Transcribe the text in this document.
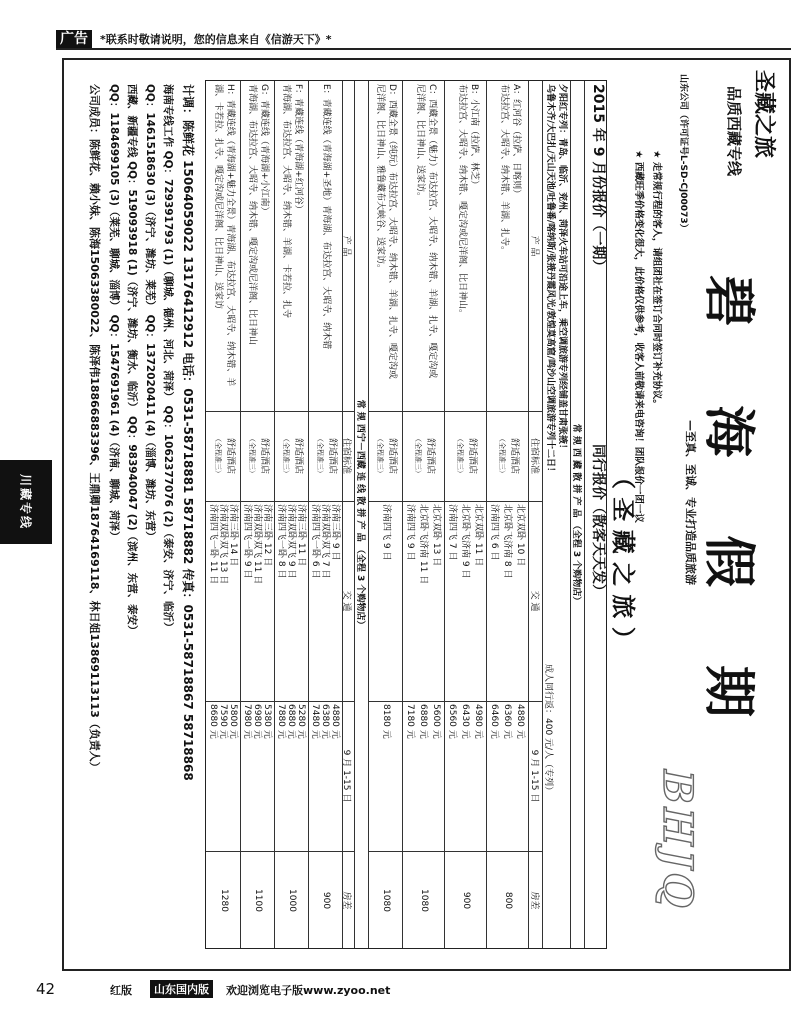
广告	*联系时敬请说明，您的信息来自《信游天下》*
川藏专线
42	红版	山东国内版	欢迎浏览电子版www.zyoo.net
圣藏之旅
品质西藏专线
山东公司（许可证号L-SD-CJ00073）
碧 海 假 期
—至真、至诚、专业打造品质旅游
（ 圣 藏 之 旅 ）
★ 走常规行程的客人，请组团社在签订合同时签订补充协议。
★ 西藏旺季价格变化很大，此价格仅供参考，收客人前敬请来电咨询！团队报价一团一议
BHJQ
2015 年 9 月份报价（一期）
同行报价（散客天天发）
常 规 西 藏 散 拼 产 品 （全程 3 个购物店）
夕阳红专列：青岛、临沂、兖州、菏泽火车站可沿途上车，乘空调旅游专列经铺盖甘肃张掖！
乌鲁木齐/大巴扎/天山天池/吐鲁番/喀纳斯/张掖丹霞风光/敦煌莫高窟/鸣沙山空调旅游专列十二日！
成人同行返：400 元/人（专列）
产 品
住宿标准
交 通
9 月 1-15 日
房差
A：红河谷（拉萨、日喀则）
布达拉宫、大昭寺、纳木错、羊湖、扎寺。
舒适酒店
（全程准三）
北京双卧 10 日
北京卧飞济南 8 日
济南四飞 6 日
4880 元
6360 元
6460 元
800
B：小江南（拉萨、林芝）
布达拉宫、大昭寺、纳木错、嘎定沟或尼洋阁、比日神山。
舒适酒店
（全程准三）
北京双卧 11 日
北京卧飞济南 9 日
济南四飞 7 日
4980 元
6430 元
6560 元
900
C：西藏全景（魅力）布达拉宫、大昭寺、纳木错、羊湖、扎寺、嘎定沟或
尼洋阁、比日神山、送家访。
舒适酒店
（全程准三）
北京双卧 13 日
北京卧飞济南 11 日
济南四飞 9 日
5600 元
6880 元
7180 元
1080
D：西藏全景（纯玩）布达拉宫、大昭寺、纳木错、羊湖、扎寺、嘎定沟或
尼洋阁、比日神山、雅鲁藏布大峡谷、送家访。
舒适酒店
（全程准三）
济南四飞 9 日
8180 元
1080
常 规 西宁－西藏 连 线 散 拼 产 品 （全程 3 个购物店）
产 品
住宿标准
交 通
9 月 1-15 日
房差
E：青藏连线（青海湖+圣地）青海湖、布达拉宫、大昭寺、纳木错
舒适酒店
（全程准三）
济南三卧 9 日
济南双卧双飞 7 日
济南四飞一卧 6 日
4880 元
6380 元
7480 元
900
F：青藏连线（青海湖+红河谷）
青海湖、布达拉宫、大昭寺、纳木错、羊湖、卡若拉、扎寺
舒适酒店
（全程准三）
济南三卧 11 日
济南双卧双飞 9 日
济南四飞一卧 8 日
5280 元
6880 元
7880 元
1000
G：青藏连线（青海湖+小江南）
青海湖、布达拉宫、大昭寺、纳木错、嘎定沟或尼洋阁、比日神山
舒适酒店
（全程准三）
济南三卧 12 日
济南双卧双飞 11 日
济南四飞一卧 9 日
5380 元
6980 元
7980 元
1100
H：青藏连线（青海湖+魅力全景）青海湖、布达拉宫、大昭寺、纳木错、羊
湖、卡若拉、扎寺、嘎定沟或尼洋阁、比日神山、送家访
舒适酒店
（全程准三）
济南三卧 14 日
济南双卧双飞 13 日
济南四飞一卧 11 日
5800 元
7590 元
8680 元
1280
计调：陈鲜花 15064059022 13176412912 电话：0531-58718881 58718882 传真：0531-58718867 58718868
海南专线工作 QQ：729391793 (1)（聊城、德州、河北、菏泽） QQ：1062377076 (2)（泰安、济宁、临沂）
QQ：1461518630 (3)（济宁、潍坊、莱芜） QQ：1372020411 (4)（淄博、潍坊、东营）
西藏、新疆专线 QQ：519093918 (1)（济宁、潍坊、衡水、临沂） QQ：983940047 (2)（滨州、东营、泰安）
QQ：1184699105 (3)（莱芜、聊城、淄博） QQ：1547691961 (4)（济南、聊城、菏泽）
公司成员：陈鲜花、赖小妹、陈海15063380022、陈泽伟18866883396、王鼎卿18764169118、林日姐13869113113（负责人）
